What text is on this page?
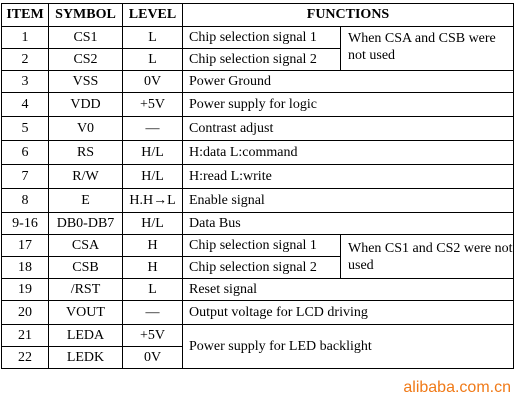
ITEM	SYMBOL	LEVEL	FUNCTIONS	
1	CS1	L	Chip selection signal 1	When CSA and CSB were not used
2	CS2	L	Chip selection signal 2	
3	VSS	0V	Power Ground	
4	VDD	+5V	Power supply for logic	
5	V0	—	Contrast adjust	
6	RS	H/L	H:data L:command	
7	R/W	H/L	H:read L:write	
8	E	H.H→L	Enable signal	
9-16	DB0-DB7	H/L	Data Bus	
17	CSA	H	Chip selection signal 1	When CS1 and CS2 were not used
18	CSB	H	Chip selection signal 2	
19	/RST	L	Reset signal	
20	VOUT	—	Output voltage for LCD driving	
21	LEDA	+5V	Power supply for LED backlight	
22	LEDK	0V		
alibaba.com.cn
